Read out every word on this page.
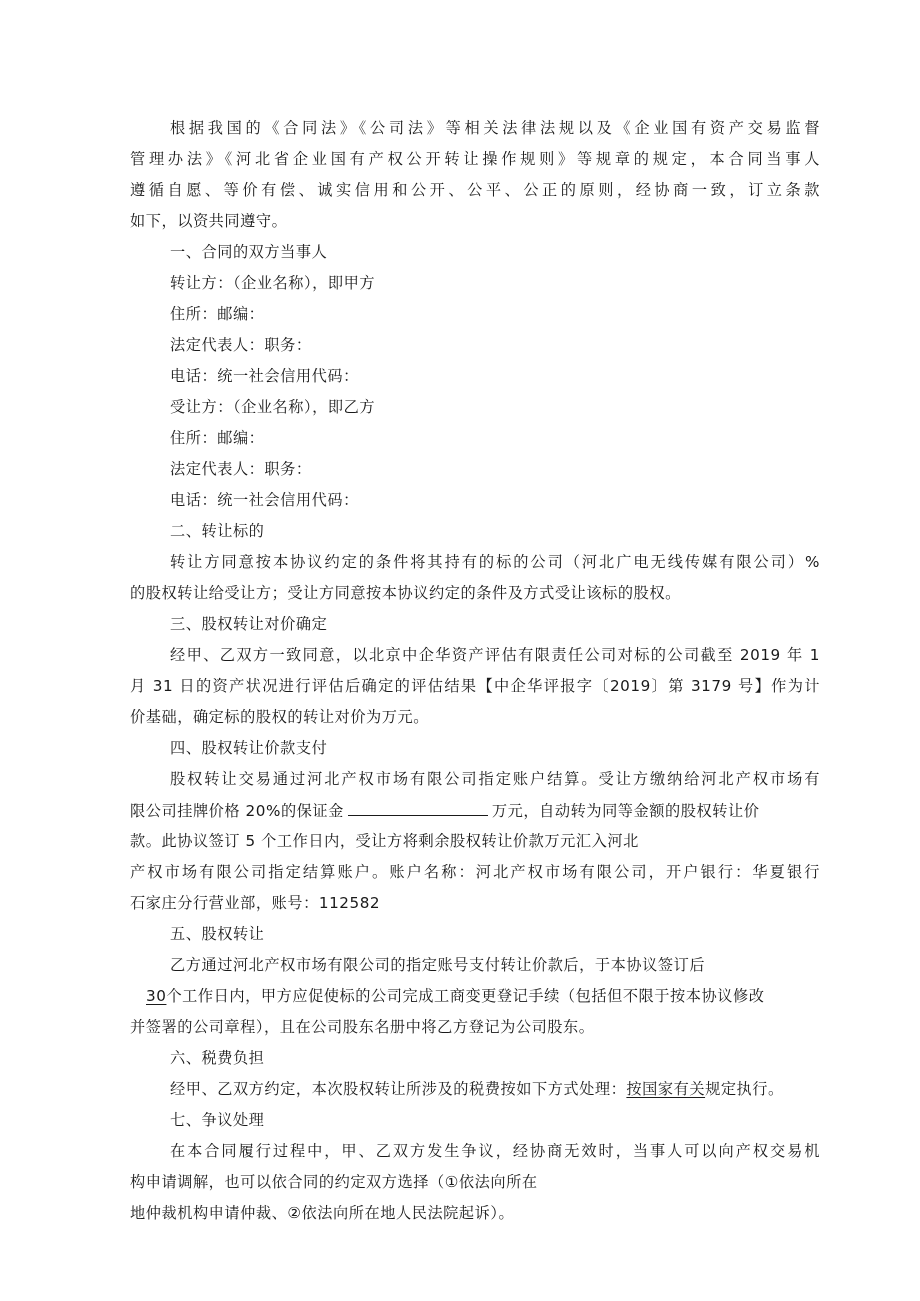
根据我国的《合同法》《公司法》等相关法律法规以及《企业国有资产交易监督
管理办法》《河北省企业国有产权公开转让操作规则》等规章的规定，本合同当事人
遵循自愿、等价有偿、诚实信用和公开、公平、公正的原则，经协商一致，订立条款
如下，以资共同遵守。
一、合同的双方当事人
转让方：（企业名称），即甲方
住所：邮编：
法定代表人：职务：
电话：统一社会信用代码：
受让方：（企业名称），即乙方
住所：邮编：
法定代表人：职务：
电话：统一社会信用代码：
二、转让标的
转让方同意按本协议约定的条件将其持有的标的公司（河北广电无线传媒有限公司）%
的股权转让给受让方；受让方同意按本协议约定的条件及方式受让该标的股权。
三、股权转让对价确定
经甲、乙双方一致同意，以北京中企华资产评估有限责任公司对标的公司截至 2019 年 1
月 31 日的资产状况进行评估后确定的评估结果【中企华评报字〔2019〕第 3179 号】作为计
价基础，确定标的股权的转让对价为万元。
四、股权转让价款支付
股权转让交易通过河北产权市场有限公司指定账户结算。受让方缴纳给河北产权市场有
限公司挂牌价格 20%的保证金	万元，自动转为同等金额的股权转让价
款。此协议签订 5 个工作日内，受让方将剩余股权转让价款万元汇入河北
产权市场有限公司指定结算账户。账户名称：河北产权市场有限公司，开户银行：华夏银行
石家庄分行营业部，账号：112582
五、股权转让
乙方通过河北产权市场有限公司的指定账号支付转让价款后，于本协议签订后
30个工作日内，甲方应促使标的公司完成工商变更登记手续（包括但不限于按本协议修改
并签署的公司章程），且在公司股东名册中将乙方登记为公司股东。
六、税费负担
经甲、乙双方约定，本次股权转让所涉及的税费按如下方式处理：按国家有关规定执行。
七、争议处理
在本合同履行过程中，甲、乙双方发生争议，经协商无效时，当事人可以向产权交易机
构申请调解，也可以依合同的约定双方选择（①依法向所在
地仲裁机构申请仲裁、②依法向所在地人民法院起诉）。
